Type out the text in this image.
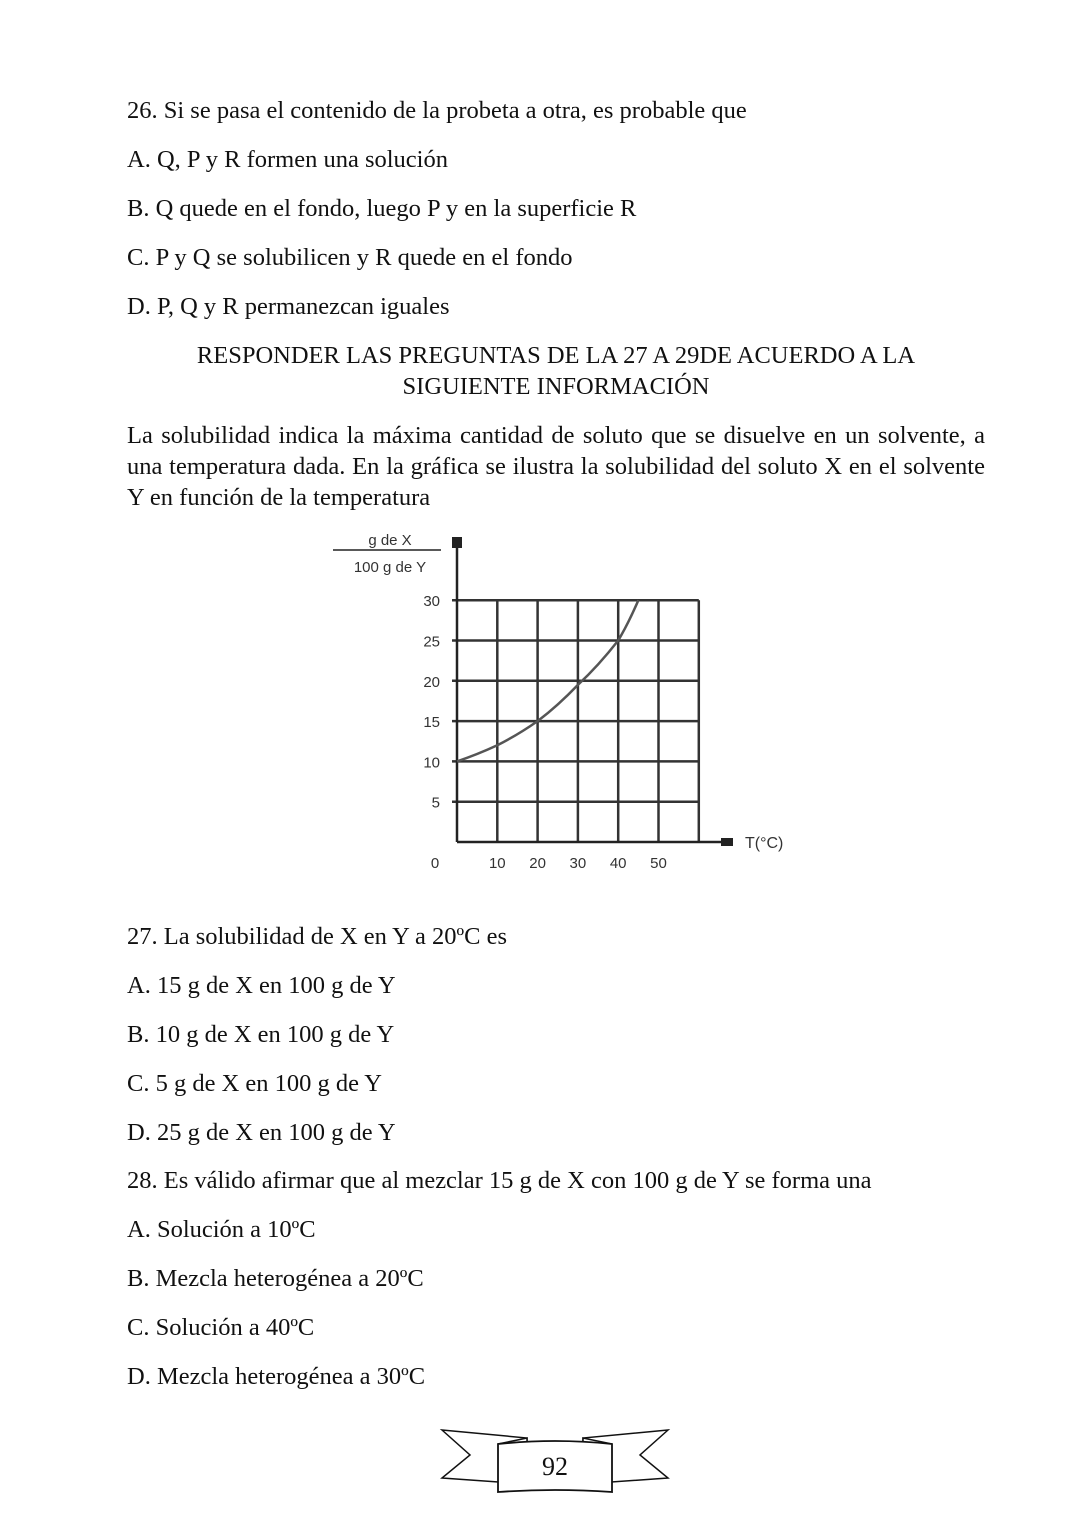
26. Si se pasa el contenido de la probeta a otra, es probable que
A. Q, P y R formen una solución
B. Q quede en el fondo, luego P y en la superficie R
C. P y Q se solubilicen y R quede en el fondo
D. P, Q y R permanezcan iguales
RESPONDER LAS PREGUNTAS DE LA 27 A 29DE ACUERDO A LA
SIGUIENTE INFORMACIÓN
La solubilidad indica la máxima cantidad de soluto que se disuelve en un solvente, a una temperatura dada. En la gráfica se ilustra la solubilidad del soluto X en el solvente Y en función de la temperatura
g de X
100 g de Y
10 20 30 40 50
5
10
15
20
25
30
T(°C)
0
27. La solubilidad de X en Y a 20ºC es
A. 15 g de X en 100 g de Y
B. 10 g de X en 100 g de Y
C. 5 g de X en 100 g de Y
D. 25 g de X en 100 g de Y
28. Es válido afirmar que al mezclar 15 g de X con 100 g de Y se forma una
A. Solución a 10ºC
B. Mezcla heterogénea a 20ºC
C. Solución a 40ºC
D. Mezcla heterogénea a 30ºC
92
